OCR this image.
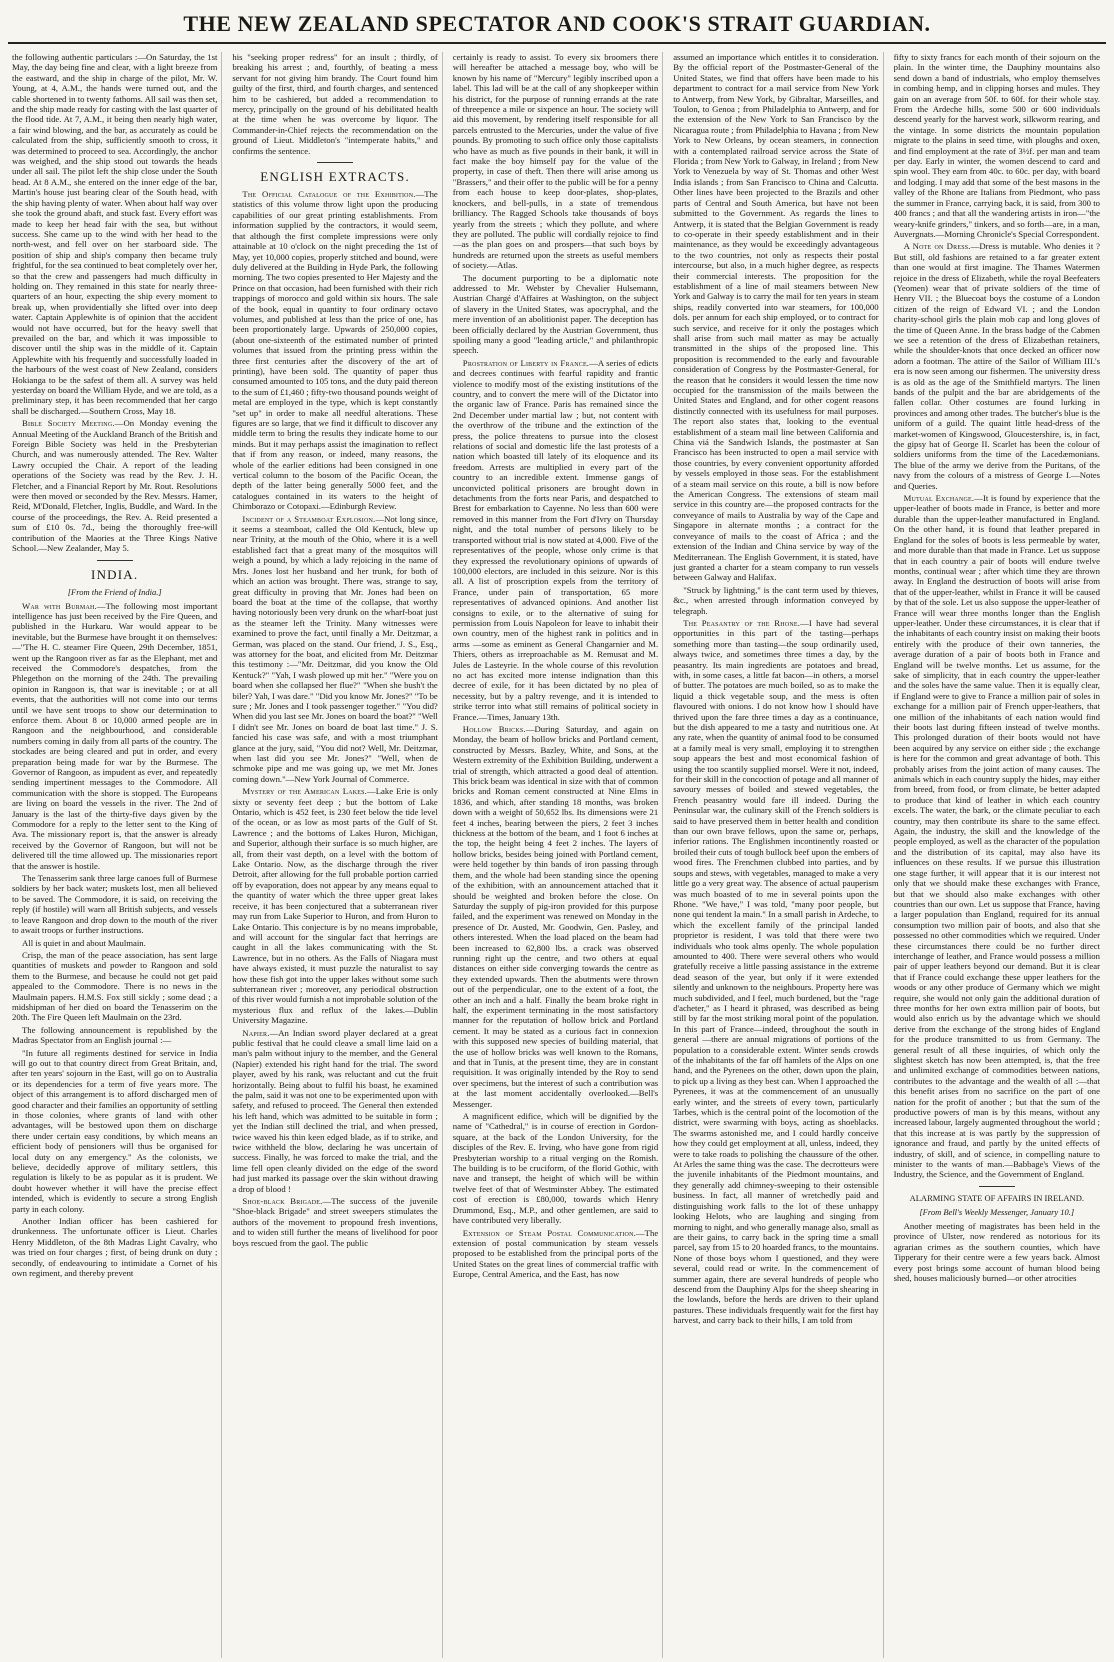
THE NEW ZEALAND SPECTATOR AND COOK'S STRAIT GUARDIAN.

the following authentic particulars :—On Saturday, the 1st May, the day being fine and clear, with a light breeze from the eastward, and the ship in charge of the pilot, Mr. W. Young, at 4, A.M., the hands were turned out, and the cable shortened in to twenty fathoms. All sail was then set, and the ship made ready for casting with the last quarter of the flood tide. At 7, A.M., it being then nearly high water, a fair wind blowing, and the bar, as accurately as could be calculated from the ship, sufficiently smooth to cross, it was determined to proceed to sea. Accordingly, the anchor was weighed, and the ship stood out towards the heads under all sail. The pilot left the ship close under the South head. At 8 A.M., she entered on the inner edge of the bar, Martin's house just bearing clear of the South head, with the ship having plenty of water. When about half way over she took the ground abaft, and stuck fast. Every effort was made to keep her head fair with the sea, but without success. She came up to the wind with her head to the north-west, and fell over on her starboard side. The position of ship and ship's company then became truly frightful, for the sea continued to beat completely over her, so that the crew and passengers had much difficulty in holding on. They remained in this state for nearly three-quarters of an hour, expecting the ship every moment to break up, when providentially she lifted over into deep water. Captain Applewhite is of opinion that the accident would not have occurred, but for the heavy swell that prevailed on the bar, and which it was impossible to discover until the ship was in the middle of it. Captain Applewhite with his frequently and successfully loaded in the harbours of the west coast of New Zealand, considers Hokianga to be the safest of them all. A survey was held yesterday on board the William Hyde, and we are told, as a preliminary step, it has been recommended that her cargo shall be discharged.—Southern Cross, May 18.

Bible Society Meeting.—On Monday evening the Annual Meeting of the Auckland Branch of the British and Foreign Bible Society was held in the Presbyterian Church, and was numerously attended. The Rev. Walter Lawry occupied the Chair. A report of the leading operations of the Society was read by the Rev. J. H. Fletcher, and a Financial Report by Mr. Rout. Resolutions were then moved or seconded by the Rev. Messrs. Hamer, Reid, M'Donald, Fletcher, Inglis, Buddle, and Ward. In the course of the proceedings, the Rev. A. Reid presented a sum of £10 0s. 7d., being the thoroughly free-will contribution of the Maories at the Three Kings Native School.—New Zealander, May 5.

INDIA.
[From the Friend of India.]

War with Burmah.—The following most important intelligence has just been received by the Fire Queen, and published in the Hurkaru. War would appear to be inevitable, but the Burmese have brought it on themselves:—"The H. C. steamer Fire Queen, 29th December, 1851, went up the Rangoon river as far as the Elephant, met and received the Commodore's despatches, from the Phlegethon on the morning of the 24th. The prevailing opinion in Rangoon is, that war is inevitable ; or at all events, that the authorities will not come into our terms until we have sent troops to show our determination to enforce them. About 8 or 10,000 armed people are in Rangoon and the neighbourhood, and considerable numbers coming in daily from all parts of the country. The stockades are being cleared and put in order, and every preparation being made for war by the Burmese. The Governor of Rangoon, as impudent as ever, and repeatedly sending impertinent messages to the Commodore. All communication with the shore is stopped. The Europeans are living on board the vessels in the river. The 2nd of January is the last of the thirty-five days given by the Commodore for a reply to the letter sent to the King of Ava. The missionary report is, that the answer is already received by the Governor of Rangoon, but will not be delivered till the time allowed up. The missionaries report that the answer is hostile.

The Tenasserim sank three large canoes full of Burmese soldiers by her back water; muskets lost, men all believed to be saved. The Commodore, it is said, on receiving the reply (if hostile) will warn all British subjects, and vessels to leave Rangoon and drop down to the mouth of the river to await troops or further instructions.

All is quiet in and about Maulmain.

Crisp, the man of the peace association, has sent large quantities of muskets and powder to Rangoon and sold them to the Burmese, and because he could not get paid appealed to the Commodore. There is no news in the Maulmain papers. H.M.S. Fox still sickly ; some dead ; a midshipman of her died on board the Tenasserim on the 20th. The Fire Queen left Maulmain on the 23rd.

The following announcement is republished by the Madras Spectator from an English journal :—

"In future all regiments destined for service in India will go out to that country direct from Great Britain, and, after ten years' sojourn in the East, will go on to Australia or its dependencies for a term of five years more. The object of this arrangement is to afford discharged men of good character and their families an opportunity of settling in those colonies, where grants of land with other advantages, will be bestowed upon them on discharge there under certain easy conditions, by which means an efficient body of pensioners will thus be organised for local duty on any emergency." As the colonists, we believe, decidedly approve of military settlers, this regulation is likely to be as popular as it is prudent. We doubt however whether it will have the precise effect intended, which is evidently to secure a strong English party in each colony.

Another Indian officer has been cashiered for drunkenness. The unfortunate officer is Lieut. Charles Henry Middleton, of the 8th Madras Light Cavalry, who was tried on four charges ; first, of being drunk on duty ; secondly, of endeavouring to intimidate a Cornet of his own regiment, and thereby prevent

his "seeking proper redress" for an insult ; thirdly, of breaking his arrest ; and, fourthly, of beating a mess servant for not giving him brandy. The Court found him guilty of the first, third, and fourth charges, and sentenced him to be cashiered, but added a recommendation to mercy, principally on the ground of his debilitated health at the time when he was overcome by liquor. The Commander-in-Chief rejects the recommendation on the ground of Lieut. Middleton's "intemperate habits," and confirms the sentence.

ENGLISH EXTRACTS.

The Official Catalogue of the Exhibition.—The statistics of this volume throw light upon the producing capabilities of our great printing establishments. From information supplied by the contractors, it would seem, that although the first complete impressions were only attainable at 10 o'clock on the night preceding the 1st of May, yet 10,000 copies, properly stitched and bound, were duly delivered at the Building in Hyde Park, the following morning. The two copies presented to Her Majesty and the Prince on that occasion, had been furnished with their rich trappings of morocco and gold within six hours. The sale of the book, equal in quantity to four ordinary octavo volumes, and published at less than the price of one, has been proportionately large. Upwards of 250,000 copies, (about one-sixteenth of the estimated number of printed volumes that issued from the printing press within the three first centuries after the discovery of the art of printing), have been sold. The quantity of paper thus consumed amounted to 105 tons, and the duty paid thereon to the sum of £1,460 ; fifty-two thousand pounds weight of metal are employed in the type, which is kept constantly "set up" in order to make all needful alterations. These figures are so large, that we find it difficult to discover any middle term to bring the results they indicate home to our minds. But it may perhaps assist the imagination to reflect that if from any reason, or indeed, many reasons, the whole of the earlier editions had been consigned in one vertical column to the bosom of the Pacific Ocean, the depth of the latter being generally 5000 feet, and the catalogues contained in its waters to the height of Chimborazo or Cotopaxi.—Edinburgh Review.

Incident of a Steamboat Explosion.—Not long since, it seems a steamboat, called the Old Kentuck, blew up near Trinity, at the mouth of the Ohio, where it is a well established fact that a great many of the mosquitos will weigh a pound, by which a lady rejoicing in the name of Mrs. Jones lost her husband and her trunk, for both of which an action was brought. There was, strange to say, great difficulty in proving that Mr. Jones had been on board the boat at the time of the collapse, that worthy having notoriously been very drunk on the wharf-boat just as the steamer left the Trinity. Many witnesses were examined to prove the fact, until finally a Mr. Deitzmar, a German, was placed on the stand. Our friend, J. S., Esq., was attorney for the boat, and elicited from Mr. Deitzmar this testimony :—"Mr. Deitzmar, did you know the Old Kentuck?" "Yah, I wash plowed up mit her." "Were you on board when she collapsed her flue?" "When she bush't the biler? Yah, I was dare." "Did you know Mr. Jones?" "To be sure ; Mr. Jones and I took passenger together." "You did? When did you last see Mr. Jones on board the boat?" "Well I didn't see Mr. Jones on board de boat last time." J. S. fancied his case was safe, and with a most triumphant glance at the jury, said, "You did not? Well, Mr. Deitzmar, when last did you see Mr. Jones?" "Well, when de schmoke pipe and me was going up, we met Mr. Jones coming down."—New York Journal of Commerce.

Mystery of the American Lakes.—Lake Erie is only sixty or seventy feet deep ; but the bottom of Lake Ontario, which is 452 feet, is 230 feet below the tide level of the ocean, or as low as most parts of the Gulf of St. Lawrence ; and the bottoms of Lakes Huron, Michigan, and Superior, although their surface is so much higher, are all, from their vast depth, on a level with the bottom of Lake Ontario. Now, as the discharge through the river Detroit, after allowing for the full probable portion carried off by evaporation, does not appear by any means equal to the quantity of water which the three upper great lakes receive, it has been conjectured that a subterranean river may run from Lake Superior to Huron, and from Huron to Lake Ontario. This conjecture is by no means improbable, and will account for the singular fact that herrings are caught in all the lakes communicating with the St. Lawrence, but in no others. As the Falls of Niagara must have always existed, it must puzzle the naturalist to say how these fish got into the upper lakes without some such subterranean river ; moreover, any periodical obstruction of this river would furnish a not improbable solution of the mysterious flux and reflux of the lakes.—Dublin University Magazine.

Napier.—An Indian sword player declared at a great public festival that he could cleave a small lime laid on a man's palm without injury to the member, and the General (Napier) extended his right hand for the trial. The sword player, awed by his rank, was reluctant and cut the fruit horizontally. Being about to fulfil his boast, he examined the palm, said it was not one to be experimented upon with safety, and refused to proceed. The General then extended his left hand, which was admitted to be suitable in form ; yet the Indian still declined the trial, and when pressed, twice waved his thin keen edged blade, as if to strike, and twice withheld the blow, declaring he was uncertain of success. Finally, he was forced to make the trial, and the lime fell open cleanly divided on the edge of the sword had just marked its passage over the skin without drawing a drop of blood !

Shoe-black Brigade.—The success of the juvenile "Shoe-black Brigade" and street sweepers stimulates the authors of the movement to propound fresh inventions, and to widen still further the means of livelihood for poor boys rescued from the gaol. The public

certainly is ready to assist. To every six broomers there will hereafter be attached a message boy, who will be known by his name of "Mercury" legibly inscribed upon a label. This lad will be at the call of any shopkeeper within his district, for the purpose of running errands at the rate of threepence a mile or sixpence an hour. The society will aid this movement, by rendering itself responsible for all parcels entrusted to the Mercuries, under the value of five pounds. By promoting to such office only those capitalists who have as much as five pounds in their bank, it will in fact make the boy himself pay for the value of the property, in case of theft. Then there will arise among us "Brassers," and their offer to the public will be for a penny from each house to keep door-plates, shop-plates, knockers, and bell-pulls, in a state of tremendous brilliancy. The Ragged Schools take thousands of boys yearly from the streets ; which they pollute, and where they are polluted. The public will cordially rejoice to find—as the plan goes on and prospers—that such boys by hundreds are returned upon the streets as useful members of society.—Atlas.

The document purporting to be a diplomatic note addressed to Mr. Webster by Chevalier Hulsemann, Austrian Chargé d'Affaires at Washington, on the subject of slavery in the United States, was apocryphal, and the mere invention of an abolitionist paper. The deception has been officially declared by the Austrian Government, thus spoiling many a good "leading article," and philanthropic speech.

Prostration of Liberty in France.—A series of edicts and decrees continues with fearful rapidity and frantic violence to modify most of the existing institutions of the country, and to convert the mere will of the Dictator into the organic law of France. Paris has remained since the 2nd December under martial law ; but, not content with the overthrow of the tribune and the extinction of the press, the police threatens to pursue into the closest relations of social and domestic life the last protests of a nation which boasted till lately of its eloquence and its freedom. Arrests are multiplied in every part of the country to an incredible extent. Immense gangs of unconvicted political prisoners are brought down in detachments from the forts near Paris, and despatched to Brest for embarkation to Cayenne. No less than 600 were removed in this manner from the Fort d'Ivry on Thursday night, and the total number of persons likely to be transported without trial is now stated at 4,000. Five of the representatives of the people, whose only crime is that they expressed the revolutionary opinions of upwards of 100,000 electors, are included in this seizure. Nor is this all. A list of proscription expels from the territory of France, under pain of transportation, 65 more representatives of advanced opinions. And another list consigns to exile, or to the alternative of suing for permission from Louis Napoleon for leave to inhabit their own country, men of the highest rank in politics and in arms —some as eminent as General Changarnier and M. Thiers, others as irreproachable as M. Remusat and M. Jules de Lasteyrie. In the whole course of this revolution no act has excited more intense indignation than this decree of exile, for it has been dictated by no plea of necessity, but by a paltry revenge, and it is intended to strike terror into what still remains of political society in France.—Times, January 13th.

Hollow Bricks.—During Saturday, and again on Monday, the beam of hollow bricks and Portland cement, constructed by Messrs. Bazley, White, and Sons, at the Western extremity of the Exhibition Building, underwent a trial of strength, which attracted a good deal of attention. This brick beam was identical in size with that of common bricks and Roman cement constructed at Nine Elms in 1836, and which, after standing 18 months, was broken down with a weight of 50,652 lbs. Its dimensions were 21 feet 4 inches, bearing between the piers, 2 feet 3 inches thickness at the bottom of the beam, and 1 foot 6 inches at the top, the height being 4 feet 2 inches. The layers of hollow bricks, besides being joined with Portland cement, were held together by thin bands of iron passing through them, and the whole had been standing since the opening of the exhibition, with an announcement attached that it should be weighted and broken before the close. On Saturday the supply of pig-iron provided for this purpose failed, and the experiment was renewed on Monday in the presence of Dr. Austed, Mr. Goodwin, Gen. Pasley, and others interested. When the load placed on the beam had been increased to 62,800 lbs. a crack was observed running right up the centre, and two others at equal distances on either side converging towards the centre as they extended upwards. Then the abutments were thrown out of the perpendicular, one to the extent of a foot, the other an inch and a half. Finally the beam broke right in half, the experiment terminating in the most satisfactory manner for the reputation of hollow brick and Portland cement. It may be stated as a curious fact in connexion with this supposed new species of building material, that the use of hollow bricks was well known to the Romans, and that in Tunis, at the present time, they are in constant requisition. It was originally intended by the Roy to send over specimens, but the interest of such a contribution was at the last moment accidentally overlooked.—Bell's Messenger.

A magnificent edifice, which will be dignified by the name of "Cathedral," is in course of erection in Gordon-square, at the back of the London University, for the disciples of the Rev. E. Irving, who have gone from rigid Presbyterian worship to a ritual verging on the Romish. The building is to be cruciform, of the florid Gothic, with nave and transept, the height of which will be within twelve feet of that of Westminster Abbey. The estimated cost of erection is £80,000, towards which Henry Drummond, Esq., M.P., and other gentlemen, are said to have contributed very liberally.

Extension of Steam Postal Communication.—The extension of postal communication by steam vessels proposed to be established from the principal ports of the United States on the great lines of commercial traffic with Europe, Central America, and the East, has now

assumed an importance which entitles it to consideration. By the official report of the Postmaster-General of the United States, we find that offers have been made to his department to contract for a mail service from New York to Antwerp, from New York, by Gibraltar, Marseilles, and Toulon, to Genoa ; from Philadelphia to Antwerp, and for the extension of the New York to San Francisco by the Nicaragua route ; from Philadelphia to Havana ; from New York to New Orleans, by ocean steamers, in connection with a contemplated railroad service across the State of Florida ; from New York to Galway, in Ireland ; from New York to Venezuela by way of St. Thomas and other West India islands ; from San Francisco to China and Calcutta. Other lines have been projected to the Brazils and other parts of Central and South America, but have not been submitted to the Government. As regards the lines to Antwerp, it is stated that the Belgian Government is ready to co-operate in their speedy establishment and in their maintenance, as they would be exceedingly advantageous to the two countries, not only as respects their postal intercourse, but also, in a much higher degree, as respects their commercial interests. The proposition for the establishment of a line of mail steamers between New York and Galway is to carry the mail for ten years in steam ships, readily converted into war steamers, for 100,000 dols. per annum for each ship employed, or to contract for such service, and receive for it only the postages which shall arise from such mail matter as may be actually transmitted in the ships of the proposed line. This proposition is recommended to the early and favourable consideration of Congress by the Postmaster-General, for the reason that he considers it would lessen the time now occupied for the transmission of the mails between the United States and England, and for other cogent reasons distinctly connected with its usefulness for mail purposes. The report also states that, looking to the eventual establishment of a steam mail line between California and China viá the Sandwich Islands, the postmaster at San Francisco has been instructed to open a mail service with those countries, by every convenient opportunity afforded by vessels employed in those seas. For the establishment of a steam mail service on this route, a bill is now before the American Congress. The extensions of steam mail service in this country are—the proposed contracts for the conveyance of mails to Australia by way of the Cape and Singapore in alternate months ; a contract for the conveyance of mails to the coast of Africa ; and the extension of the Indian and China service by way of the Mediterranean. The English Government, it is stated, have just granted a charter for a steam company to run vessels between Galway and Halifax.

"Struck by lightning," is the cant term used by thieves, &c., when arrested through information conveyed by telegraph.

The Peasantry of the Rhone.—I have had several opportunities in this part of the tasting—perhaps something more than tasting—the soup ordinarily used, always twice, and sometimes three times a day, by the peasantry. Its main ingredients are potatoes and bread, with, in some cases, a little fat bacon—in others, a morsel of butter. The potatoes are much boiled, so as to make the liquid a thick vegetable soup, and the mess is often flavoured with onions. I do not know how I should have thrived upon the fare three times a day as a continuance, but the dish appeared to me a tasty and nutritious one. At any rate, when the quantity of animal food to be consumed at a family meal is very small, employing it to strengthen soup appears the best and most economical fashion of using the too scantily supplied morsel. Were it not, indeed, for their skill in the concoction of potage and all manner of savoury messes of boiled and stewed vegetables, the French peasantry would fare ill indeed. During the Peninsular war, the culinary skill of the French soldiers is said to have preserved them in better health and condition than our own brave fellows, upon the same or, perhaps, inferior rations. The Englishmen incontinently roasted or broiled their cuts of tough bullock beef upon the embers of wood fires. The Frenchmen clubbed into parties, and by soups and stews, with vegetables, managed to make a very little go a very great way. The absence of actual pauperism was much boasted of to me in several points upon the Rhone. "We have," I was told, "many poor people, but none qui tendent la main." In a small parish in Ardeche, to which the excellent family of the principal landed proprietor is resident, I was told that there were two individuals who took alms openly. The whole population amounted to 400. There were several others who would gratefully receive a little passing assistance in the extreme dead season of the year, but only if it were extended silently and unknown to the neighbours. Property here was much subdivided, and I feel, much burdened, but the "rage d'acheter," as I heard it phrased, was described as being still by far the most striking moral point of the population. In this part of France—indeed, throughout the south in general —there are annual migrations of portions of the population to a considerable extent. Winter sends crowds of the inhabitants of the far off hamlets of the Alps on one hand, and the Pyrenees on the other, down upon the plain, to pick up a living as they best can. When I approached the Pyrenees, it was at the commencement of an unusually early winter, and the streets of every town, particularly Tarbes, which is the central point of the locomotion of the district, were swarming with boys, acting as shoeblacks. The swarms astonished me, and I could hardly conceive how they could get employment at all, unless, indeed, they were to take roads to polishing the chaussure of the other. At Arles the same thing was the case. The decrotteurs were the juvenile inhabitants of the Piedmont mountains, and they generally add chimney-sweeping to their ostensible business. In fact, all manner of wretchedly paid and distinguishing work falls to the lot of these unhappy looking Helots, who are laughing and singing from morning to night, and who generally manage also, small as are their gains, to carry back in the spring time a small parcel, say from 15 to 20 hoarded francs, to the mountains. None of those boys whom I questioned, and they were several, could read or write. In the commencement of summer again, there are several hundreds of people who descend from the Dauphiny Alps for the sheep shearing in the lowlands, before the herds are driven to their upland pastures. These individuals frequently wait for the first hay harvest, and carry back to their hills, I am told from

fifty to sixty francs for each month of their sojourn on the plain. In the winter time, the Dauphiny mountains also send down a band of industrials, who employ themselves in combing hemp, and in clipping horses and mules. They gain on an average from 50f. to 60f. for their whole stay. From the Ardeche hills, some 500 or 600 individuals descend yearly for the harvest work, silkworm rearing, and the vintage. In some districts the mountain population migrate to the plains in seed time, with ploughs and oxen, and find employment at the rate of 3½f. per man and team per day. Early in winter, the women descend to card and spin wool. They earn from 40c. to 60c. per day, with board and lodging. I may add that some of the best masons in the valley of the Rhone are Italians from Piedmont, who pass the summer in France, carrying back, it is said, from 300 to 400 francs ; and that all the wandering artists in iron—"the weary-knife grinders," tinkers, and so forth—are, in a man, Auvergnats.—Morning Chronicle's Special Correspondent.

A Note on Dress.—Dress is mutable. Who denies it ? But still, old fashions are retained to a far greater extent than one would at first imagine. The Thames Watermen rejoice in the dress of Elizabeth, while the royal Beefeaters (Yeomen) wear that of private soldiers of the time of Henry VII. ; the Bluecoat boys the costume of a London citizen of the reign of Edward VI. ; and the London charity-school girls the plain mob cap and long gloves of the time of Queen Anne. In the brass badge of the Cabmen we see a retention of the dress of Elizabethan retainers, while the shoulder-knots that once decked an officer now adorn a footman. The attire of the Sailor of William III.'s era is now seen among our fishermen. The university dress is as old as the age of the Smithfield martyrs. The linen bands of the pulpit and the bar are abridgements of the fallen collar. Other costumes are found lurking in provinces and among other trades. The butcher's blue is the uniform of a guild. The quaint little head-dress of the market-women of Kingswood, Gloucestershire, is, in fact, the gipsy hat of George II. Scarlet has been the colour of soldiers uniforms from the time of the Lacedæmonians. The blue of the army we derive from the Puritans, of the navy from the colours of a mistress of George I.—Notes and Queries.

Mutual Exchange.—It is found by experience that the upper-leather of boots made in France, is better and more durable than the upper-leather manufactured in England. On the other hand, it is found that leather prepared in England for the soles of boots is less permeable by water, and more durable than that made in France. Let us suppose that in each country a pair of boots will endure twelve months, continual wear ; after which time they are thrown away. In England the destruction of boots will arise from that of the upper-leather, whilst in France it will be caused by that of the sole. Let us also suppose the upper-leather of France will wear three months longer than the English upper-leather. Under these circumstances, it is clear that if the inhabitants of each country insist on making their boots entirely with the produce of their own tanneries, the average duration of a pair of boots both in France and England will be twelve months. Let us assume, for the sake of simplicity, that in each country the upper-leather and the soles have the same value. Then it is equally clear, if England were to give to France a million pair of soles in exchange for a million pair of French upper-leathers, that one million of the inhabitants of each nation would find their boots last during fifteen instead of twelve months. This prolonged duration of their boots would not have been acquired by any service on either side ; the exchange is here for the common and great advantage of both. This probably arises from the joint action of many causes. The animals which in each country supply the hides, may either from breed, from food, or from climate, be better adapted to produce that kind of leather in which each country excels. The water, the bark, or the climate peculiar to each country, may then contribute its share to the same effect. Again, the industry, the skill and the knowledge of the people employed, as well as the character of the population and the distribution of its capital, may also have its influences on these results. If we pursue this illustration one stage further, it will appear that it is our interest not only that we should make these exchanges with France, but that we should also make exchanges with other countries than our own. Let us suppose that France, having a larger population than England, required for its annual consumption two million pair of boots, and also that she possessed no other commodities which we required. Under these circumstances there could be no further direct interchange of leather, and France would possess a million pair of upper leathers beyond our demand. But it is clear that if France could exchange these upper leathers for the woods or any other produce of Germany which we might require, she would not only gain the additional duration of three months for her own extra million pair of boots, but would also enrich us by the advantage which we should derive from the exchange of the strong hides of England for the produce transmitted to us from Germany. The general result of all these inquiries, of which only the slightest sketch has now been attempted, is, that the free and unlimited exchange of commodities between nations, contributes to the advantage and the wealth of all :—that this benefit arises from no sacrifice on the part of one nation for the profit of another ; but that the sum of the productive powers of man is by this means, without any increased labour, largely augmented throughout the world ; that this increase at is was partly by the suppression of ignorance and fraud, and partly by the united effects of industry, of skill, and of science, in compelling nature to minister to the wants of man.—Babbage's Views of the Industry, the Science, and the Government of England.

ALARMING STATE OF AFFAIRS IN IRELAND.
[From Bell's Weekly Messenger, January 10.]

Another meeting of magistrates has been held in the province of Ulster, now rendered as notorious for its agrarian crimes as the southern counties, which have Tipperary for their centre were a few years back. Almost every post brings some account of human blood being shed, houses maliciously burned—or other atrocities
